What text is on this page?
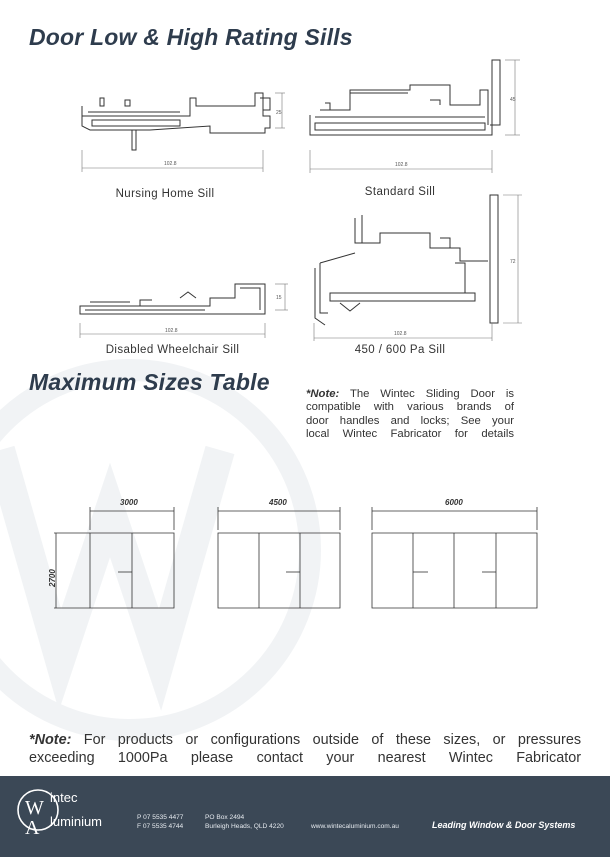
Door Low & High Rating Sills
Maximum Sizes Table
102.8
25
Nursing Home Sill
102.8
45
Standard Sill
102.8
15
Disabled Wheelchair Sill
102.8
72
450 / 600 Pa Sill
*Note: The Wintec Sliding Door is
compatible with various brands of
door handles and locks; See your
local Wintec Fabricator for details
3000	4500	6000
2700
*Note: For products or configurations outside of these sizes, or pressures
exceeding 1000Pa please contact your nearest Wintec Fabricator
W
A
intec
luminium	P 07 5535 4477
F 07 5535 4744
PO Box 2494
Burleigh Heads, QLD 4220	www.wintecaluminium.com.au	Leading Window & Door Systems
